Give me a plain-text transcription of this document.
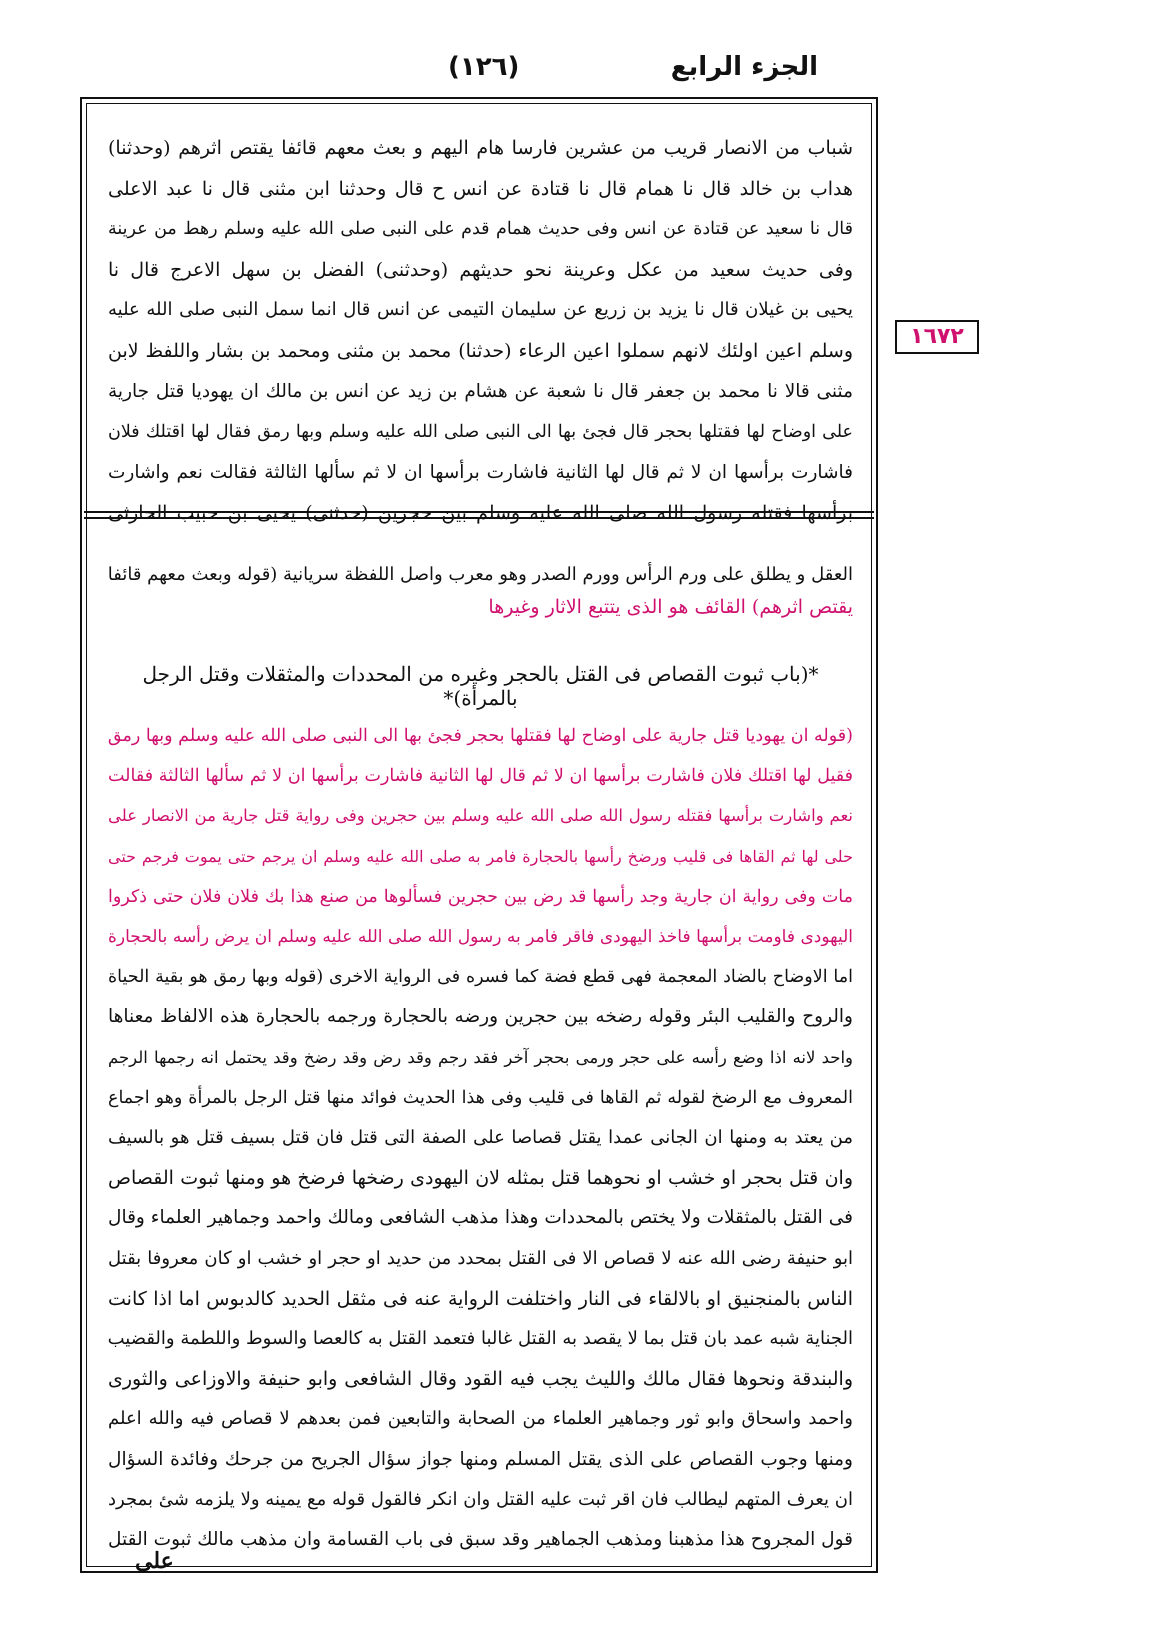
الجزء الرابع
(١٢٦)
١٦٧٢
شباب من الانصار قريب من عشرين فارسا هام اليهم و بعث معهم قائفا يقتص اثرهم (وحدثنا)
هداب بن خالد قال نا همام قال نا قتادة عن انس ح قال وحدثنا ابن مثنى قال نا عبد الاعلى
قال نا سعيد عن قتادة عن انس وفى حديث همام قدم على النبى صلى الله عليه وسلم رهط من عرينة
وفى حديث سعيد من عكل وعرينة نحو حديثهم (وحدثنى) الفضل بن سهل الاعرج قال نا
يحيى بن غيلان قال نا يزيد بن زريع عن سليمان التيمى عن انس قال انما سمل النبى صلى الله عليه
وسلم اعين اولئك لانهم سملوا اعين الرعاء (حدثنا) محمد بن مثنى ومحمد بن بشار واللفظ لابن
مثنى قالا نا محمد بن جعفر قال نا شعبة عن هشام بن زيد عن انس بن مالك ان يهوديا قتل جارية
على اوضاح لها فقتلها بحجر قال فجئ بها الى النبى صلى الله عليه وسلم وبها رمق فقال لها اقتلك فلان
فاشارت برأسها ان لا ثم قال لها الثانية فاشارت برأسها ان لا ثم سألها الثالثة فقالت نعم واشارت
برأسها فقتله رسول الله صلى الله عليه وسلم بين حجرين (حدثنى) يحيى بن حبيب الحارثى
العقل و يطلق على ورم الرأس وورم الصدر وهو معرب واصل اللفظة سريانية (قوله وبعث معهم قائفا
يقتص اثرهم) القائف هو الذى يتتبع الاثار وغيرها
*(باب ثبوت القصاص فى القتل بالحجر وغيره من المحددات والمثقلات وقتل الرجل بالمرأة)*
(قوله ان يهوديا قتل جارية على اوضاح لها فقتلها بحجر فجئ بها الى النبى صلى الله عليه وسلم وبها رمق
فقيل لها اقتلك فلان فاشارت برأسها ان لا ثم قال لها الثانية فاشارت برأسها ان لا ثم سألها الثالثة فقالت
نعم واشارت برأسها فقتله رسول الله صلى الله عليه وسلم بين حجرين وفى رواية قتل جارية من الانصار على
حلى لها ثم القاها فى قليب ورضخ رأسها بالحجارة فامر به صلى الله عليه وسلم ان يرجم حتى يموت فرجم حتى
مات وفى رواية ان جارية وجد رأسها قد رض بين حجرين فسألوها من صنع هذا بك فلان فلان حتى ذكروا
اليهودى فاومت برأسها فاخذ اليهودى فاقر فامر به رسول الله صلى الله عليه وسلم ان يرض رأسه بالحجارة
اما الاوضاح بالضاد المعجمة فهى قطع فضة كما فسره فى الرواية الاخرى (قوله وبها رمق هو بقية الحياة
والروح والقليب البئر وقوله رضخه بين حجرين ورضه بالحجارة ورجمه بالحجارة هذه الالفاظ معناها
واحد لانه اذا وضع رأسه على حجر ورمى بحجر آخر فقد رجم وقد رض وقد رضخ وقد يحتمل انه رجمها الرجم
المعروف مع الرضخ لقوله ثم القاها فى قليب وفى هذا الحديث فوائد منها قتل الرجل بالمرأة وهو اجماع
من يعتد به ومنها ان الجانى عمدا يقتل قصاصا على الصفة التى قتل فان قتل بسيف قتل هو بالسيف
وان قتل بحجر او خشب او نحوهما قتل بمثله لان اليهودى رضخها فرضخ هو ومنها ثبوت القصاص
فى القتل بالمثقلات ولا يختص بالمحددات وهذا مذهب الشافعى ومالك واحمد وجماهير العلماء وقال
ابو حنيفة رضى الله عنه لا قصاص الا فى القتل بمحدد من حديد او حجر او خشب او كان معروفا بقتل
الناس بالمنجنيق او بالالقاء فى النار واختلفت الرواية عنه فى مثقل الحديد كالدبوس اما اذا كانت
الجناية شبه عمد بان قتل بما لا يقصد به القتل غالبا فتعمد القتل به كالعصا والسوط واللطمة والقضيب
والبندقة ونحوها فقال مالك والليث يجب فيه القود وقال الشافعى وابو حنيفة والاوزاعى والثورى
واحمد واسحاق وابو ثور وجماهير العلماء من الصحابة والتابعين فمن بعدهم لا قصاص فيه والله اعلم
ومنها وجوب القصاص على الذى يقتل المسلم ومنها جواز سؤال الجريح من جرحك وفائدة السؤال
ان يعرف المتهم ليطالب فان اقر ثبت عليه القتل وان انكر فالقول قوله مع يمينه ولا يلزمه شئ بمجرد
قول المجروح هذا مذهبنا ومذهب الجماهير وقد سبق فى باب القسامة وان مذهب مالك ثبوت القتل
على
